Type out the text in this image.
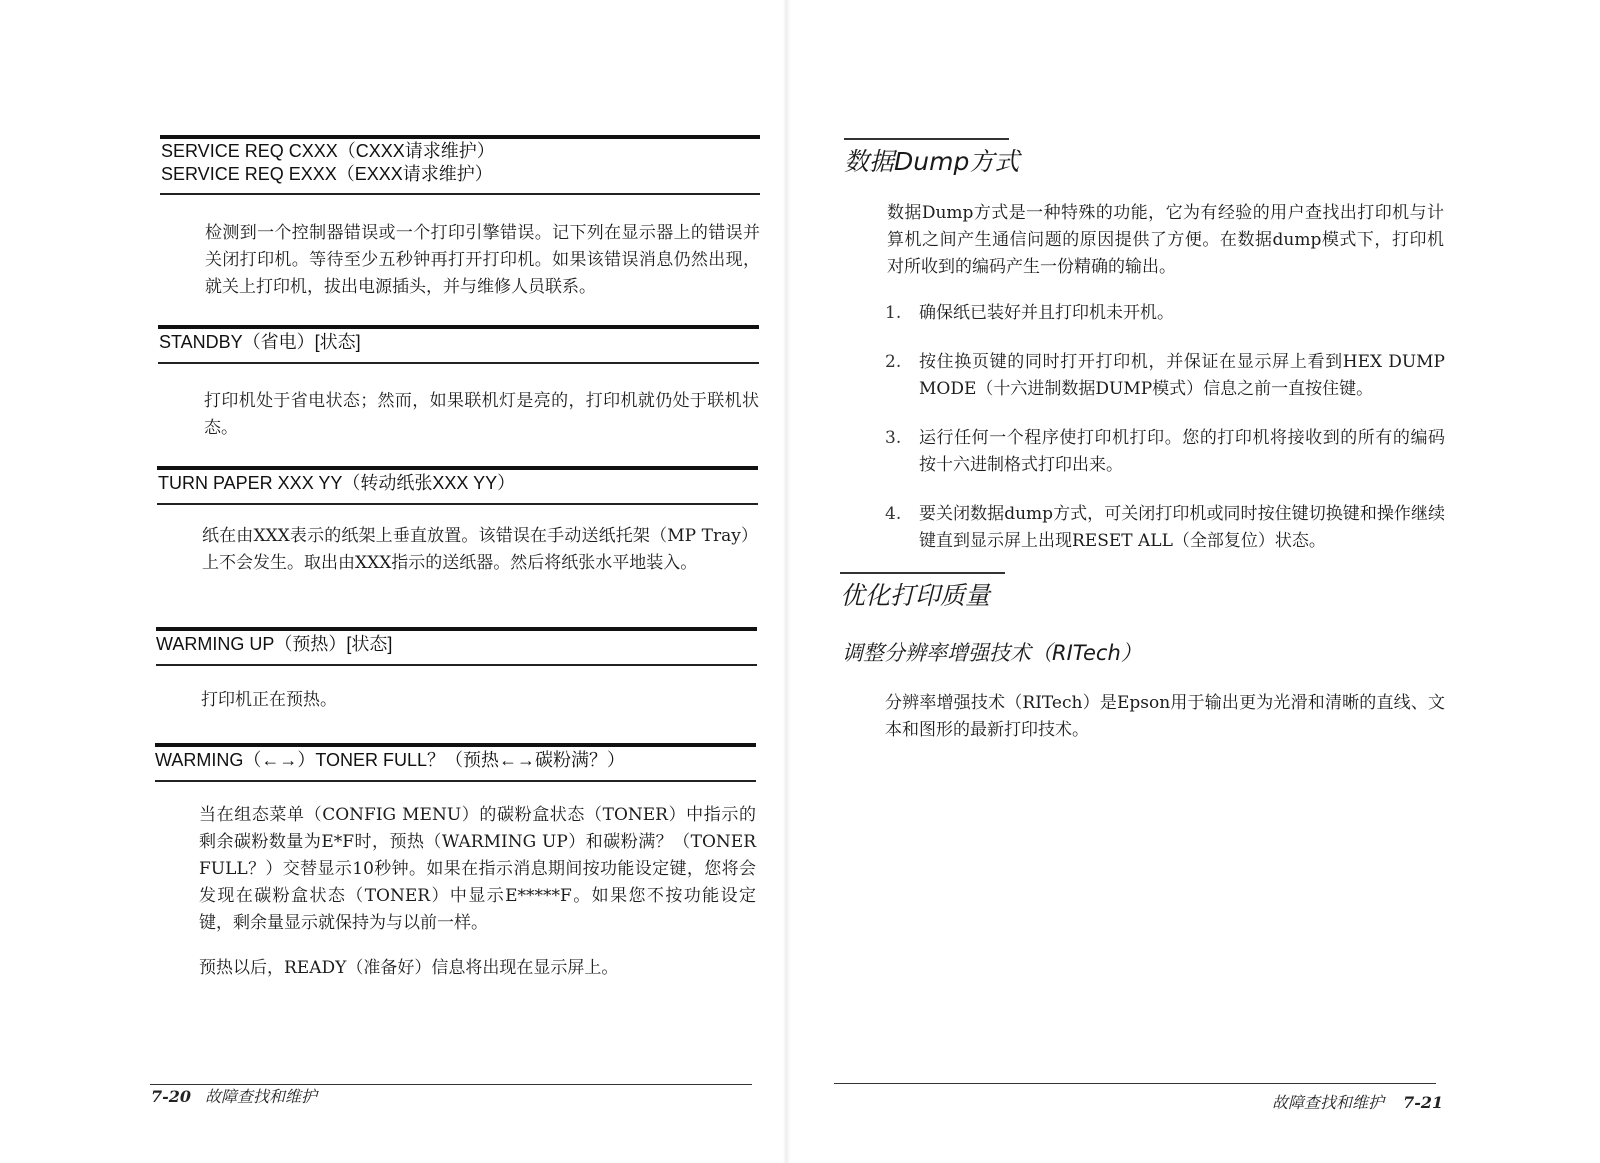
SERVICE REQ CXXX（CXXX请求维护）
SERVICE REQ EXXX（EXXX请求维护）

检测到一个控制器错误或一个打印引擎错误。记下列在显示器上的错误并关闭打印机。等待至少五秒钟再打开打印机。如果该错误消息仍然出现，就关上打印机，拔出电源插头，并与维修人员联系。

STANDBY（省电）[状态]

打印机处于省电状态；然而，如果联机灯是亮的，打印机就仍处于联机状态。

TURN PAPER XXX YY（转动纸张XXX YY）

纸在由XXX表示的纸架上垂直放置。该错误在手动送纸托架（MP Tray）上不会发生。取出由XXX指示的送纸器。然后将纸张水平地装入。

WARMING UP（预热）[状态]

打印机正在预热。

WARMING（←→）TONER FULL？（预热←→碳粉满？）

当在组态菜单（CONFIG MENU）的碳粉盒状态（TONER）中指示的剩余碳粉数量为E*F时，预热（WARMING UP）和碳粉满？（TONER FULL？）交替显示10秒钟。如果在指示消息期间按功能设定键，您将会发现在碳粉盒状态（TONER）中显示E*****F。如果您不按功能设定键，剩余量显示就保持为与以前一样。

预热以后，READY（准备好）信息将出现在显示屏上。

7-20 故障查找和维护
数据Dump方式
数据Dump方式是一种特殊的功能，它为有经验的用户查找出打印机与计算机之间产生通信问题的原因提供了方便。在数据dump模式下，打印机对所收到的编码产生一份精确的输出。
1. 确保纸已装好并且打印机未开机。
2. 按住换页键的同时打开打印机，并保证在显示屏上看到HEX DUMP MODE（十六进制数据DUMP模式）信息之前一直按住键。
3. 运行任何一个程序使打印机打印。您的打印机将接收到的所有的编码按十六进制格式打印出来。
4. 要关闭数据dump方式，可关闭打印机或同时按住键切换键和操作继续键直到显示屏上出现RESET ALL（全部复位）状态。
优化打印质量
调整分辨率增强技术（RITech）
分辨率增强技术（RITech）是Epson用于输出更为光滑和清晰的直线、文本和图形的最新打印技术。
故障查找和维护 7-21
